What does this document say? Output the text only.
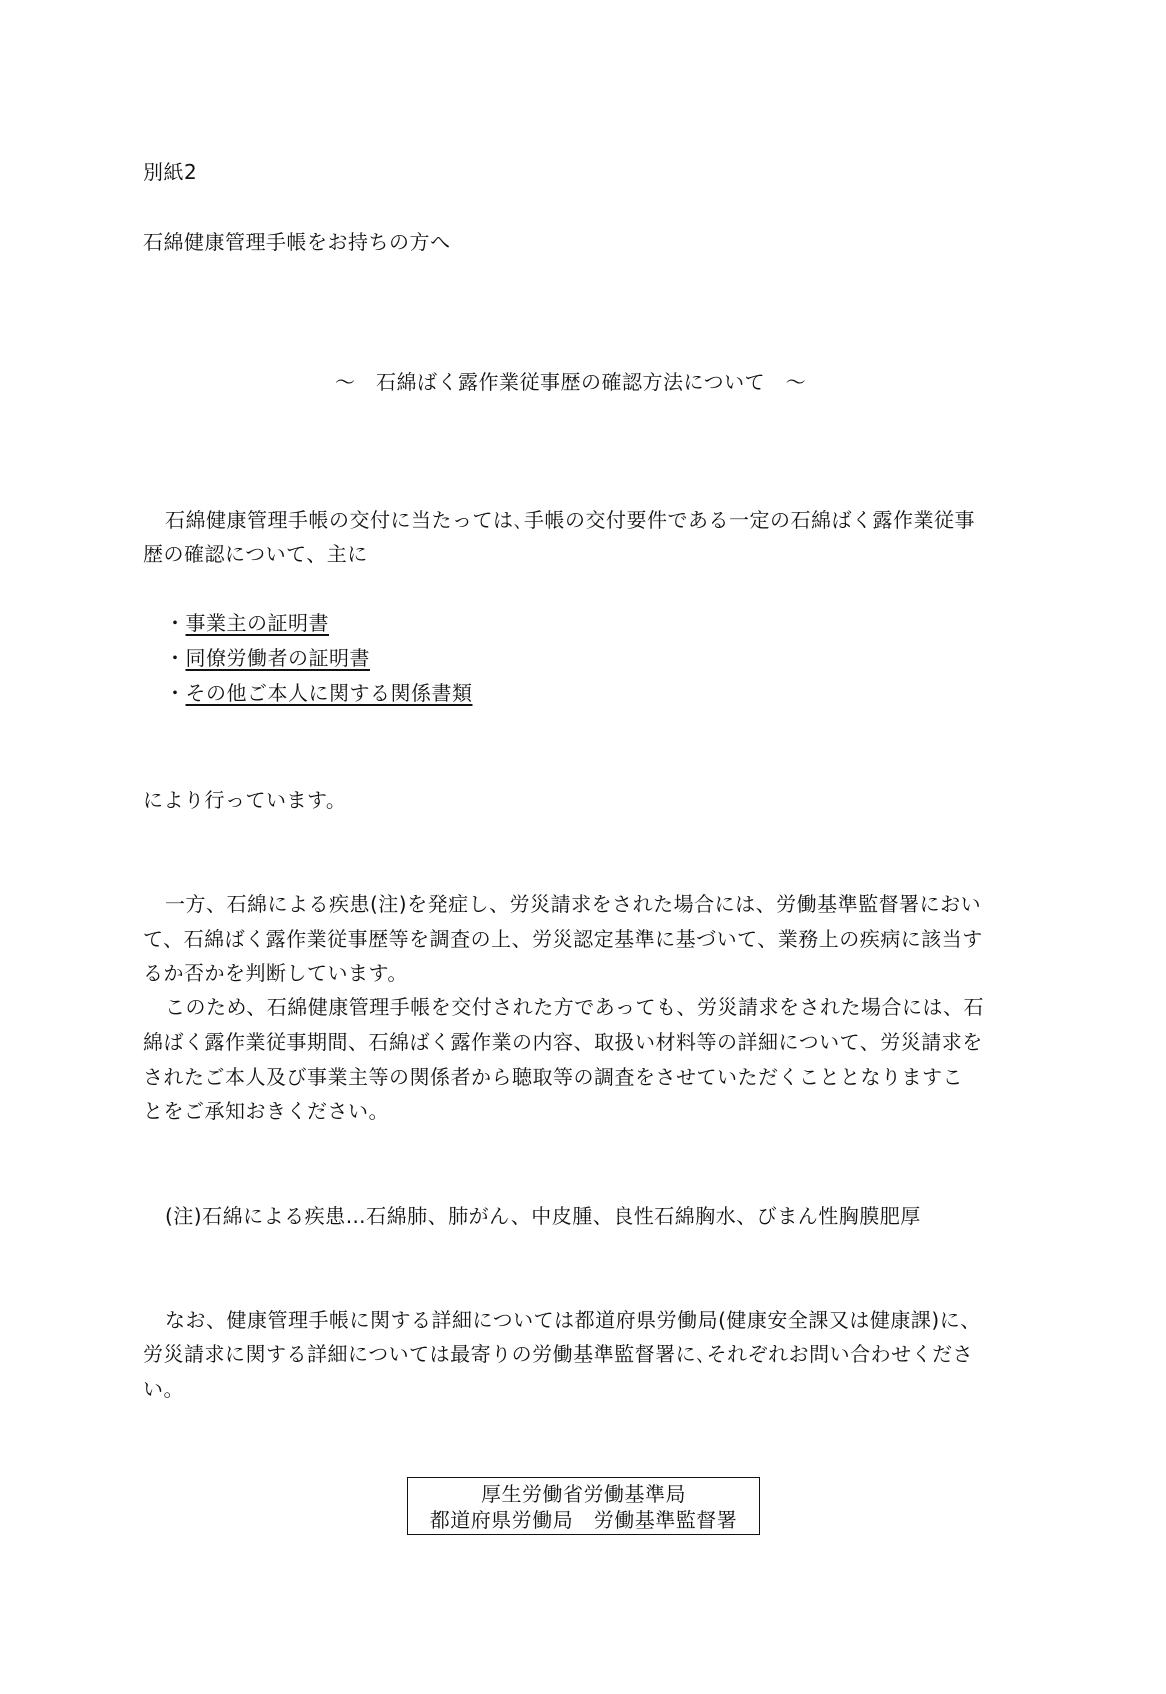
別紙2
石綿健康管理手帳をお持ちの方へ
～　石綿ばく露作業従事歴の確認方法について　～
石綿健康管理手帳の交付に当たっては､手帳の交付要件である一定の石綿ばく露作業従事
歴の確認について、主に
・事業主の証明書
・同僚労働者の証明書
・その他ご本人に関する関係書類
により行っています。
一方、石綿による疾患(注)を発症し、労災請求をされた場合には、労働基準監督署におい
て、石綿ばく露作業従事歴等を調査の上、労災認定基準に基づいて、業務上の疾病に該当す
るか否かを判断しています。
このため、石綿健康管理手帳を交付された方であっても、労災請求をされた場合には、石
綿ばく露作業従事期間、石綿ばく露作業の内容、取扱い材料等の詳細について、労災請求を
されたご本人及び事業主等の関係者から聴取等の調査をさせていただくこととなりますこ
とをご承知おきください。
(注)石綿による疾患…石綿肺、肺がん、中皮腫、良性石綿胸水、びまん性胸膜肥厚
なお、健康管理手帳に関する詳細については都道府県労働局(健康安全課又は健康課)に、
労災請求に関する詳細については最寄りの労働基準監督署に､それぞれお問い合わせくださ
い。
厚生労働省労働基準局
都道府県労働局　労働基準監督署
